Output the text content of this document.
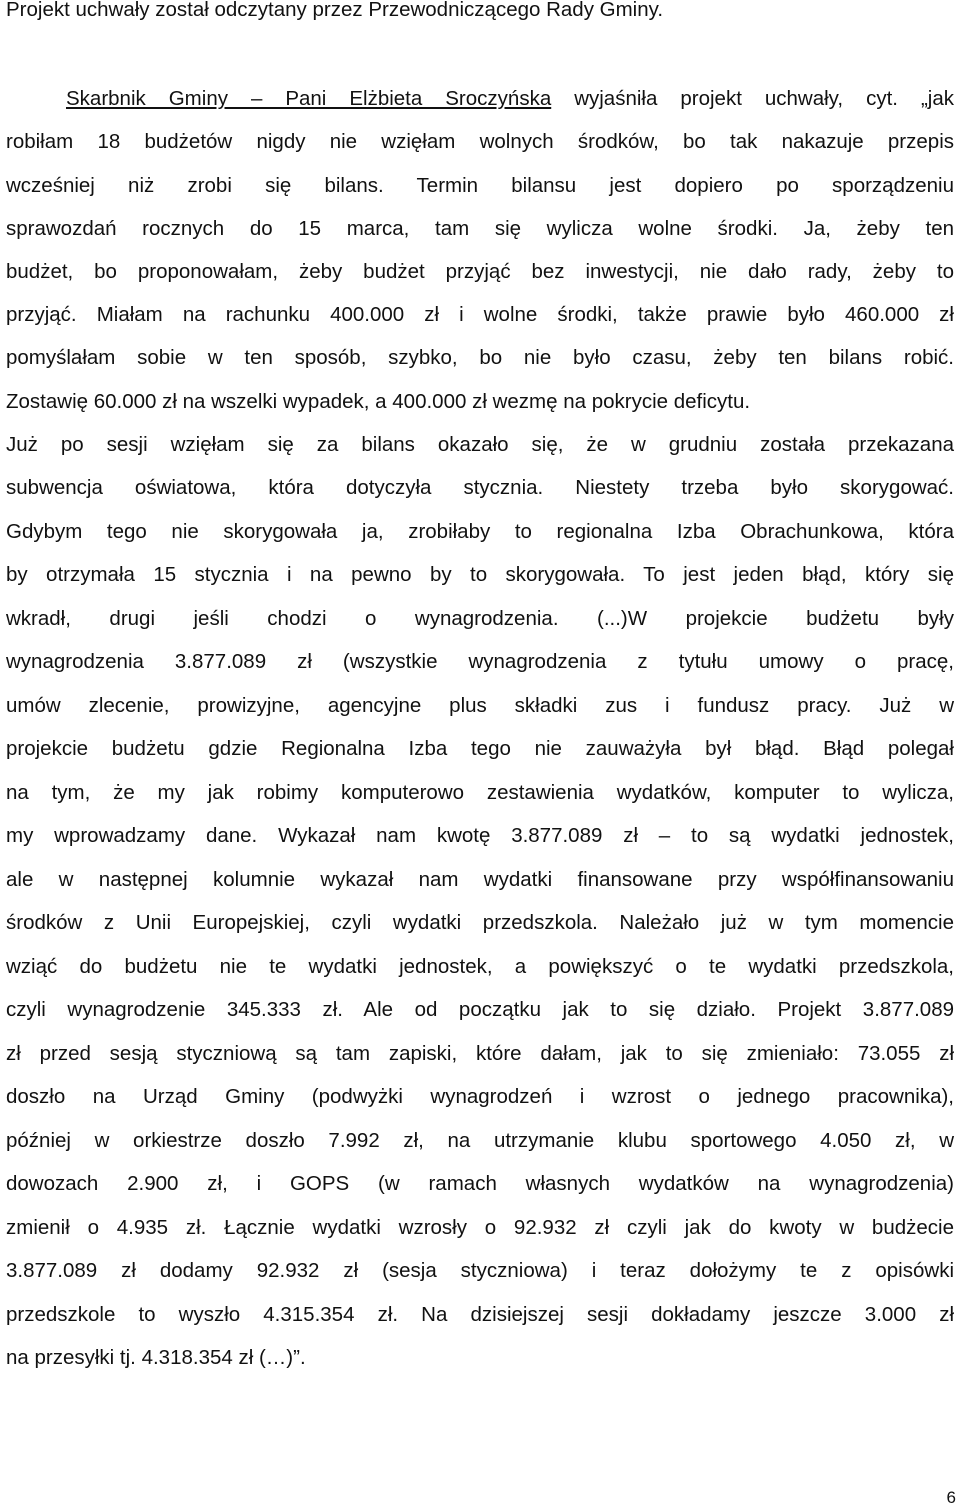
Projekt uchwały został odczytany przez Przewodniczącego Rady Gminy.
Skarbnik Gminy – Pani Elżbieta Sroczyńska wyjaśniła projekt uchwały, cyt. „jak
robiłam 18 budżetów nigdy nie wzięłam wolnych środków, bo tak nakazuje przepis
wcześniej niż zrobi się bilans. Termin bilansu jest dopiero po sporządzeniu
sprawozdań rocznych do 15 marca, tam się wylicza wolne środki. Ja, żeby ten
budżet, bo proponowałam, żeby budżet przyjąć bez inwestycji, nie dało rady, żeby to
przyjąć. Miałam na rachunku 400.000 zł i wolne środki, także prawie było 460.000 zł
pomyślałam sobie w ten sposób, szybko, bo nie było czasu, żeby ten bilans robić.
Zostawię 60.000 zł na wszelki wypadek, a 400.000 zł wezmę na pokrycie deficytu.
Już po sesji wzięłam się za bilans okazało się, że w grudniu została przekazana
subwencja oświatowa, która dotyczyła stycznia. Niestety trzeba było skorygować.
Gdybym tego nie skorygowała ja, zrobiłaby to regionalna Izba Obrachunkowa, która
by otrzymała 15 stycznia i na pewno by to skorygowała. To jest jeden błąd, który się
wkradł, drugi jeśli chodzi o wynagrodzenia. (...)W projekcie budżetu były
wynagrodzenia 3.877.089 zł (wszystkie wynagrodzenia z tytułu umowy o pracę,
umów zlecenie, prowizyjne, agencyjne plus składki zus i fundusz pracy. Już w
projekcie budżetu gdzie Regionalna Izba tego nie zauważyła był błąd. Błąd polegał
na tym, że my jak robimy komputerowo zestawienia wydatków, komputer to wylicza,
my wprowadzamy dane. Wykazał nam kwotę 3.877.089 zł – to są wydatki jednostek,
ale w następnej kolumnie wykazał nam wydatki finansowane przy współfinansowaniu
środków z Unii Europejskiej, czyli wydatki przedszkola. Należało już w tym momencie
wziąć do budżetu nie te wydatki jednostek, a powiększyć o te wydatki przedszkola,
czyli wynagrodzenie 345.333 zł. Ale od początku jak to się działo. Projekt 3.877.089
zł przed sesją styczniową są tam zapiski, które dałam, jak to się zmieniało: 73.055 zł
doszło na Urząd Gminy (podwyżki wynagrodzeń i wzrost o jednego pracownika),
później w orkiestrze doszło 7.992 zł, na utrzymanie klubu sportowego 4.050 zł, w
dowozach 2.900 zł, i GOPS (w ramach własnych wydatków na wynagrodzenia)
zmienił o 4.935 zł. Łącznie wydatki wzrosły o 92.932 zł czyli jak do kwoty w budżecie
3.877.089 zł dodamy 92.932 zł (sesja styczniowa) i teraz dołożymy te z opisówki
przedszkole to wyszło 4.315.354 zł. Na dzisiejszej sesji dokładamy jeszcze 3.000 zł
na przesyłki tj. 4.318.354 zł (…)”.
6
